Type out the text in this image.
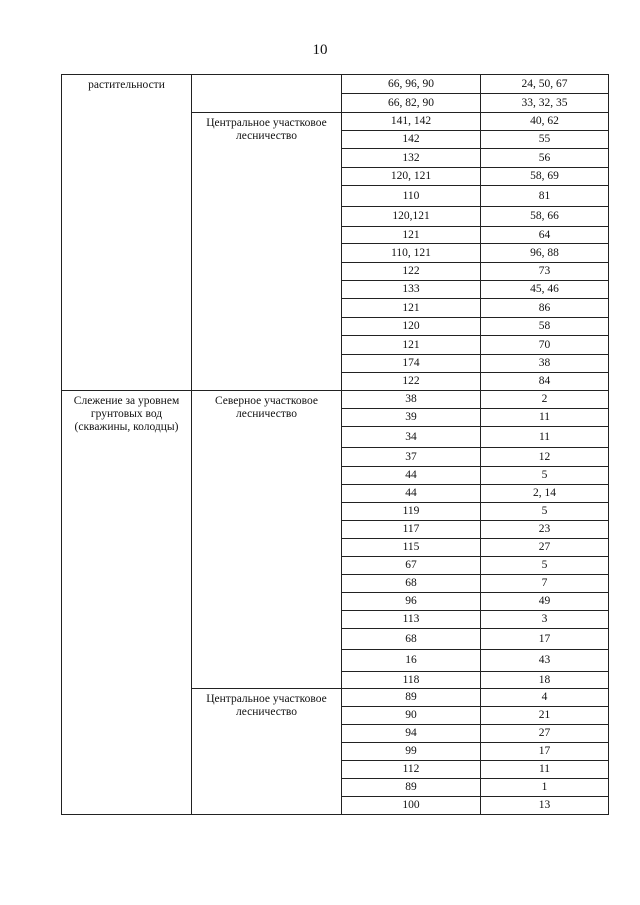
10
растительности		66, 96, 90	24, 50, 67
		66, 82, 90	33, 32, 35

	Центральное участковое
лесничество	141, 142	40, 62
		142	55
		132	56
		120, 121	58, 69
		110	81
		120,121	58, 66
		121	64
		110, 121	96, 88
		122	73
		133	45, 46
		121	86
		120	58
		121	70
		174	38
		122	84

Слежение за уровнем
грунтовых вод
(скважины, колодцы)	Северное участковое
лесничество	38	2
		39	11
		34	11
		37	12
		44	5
		44	2, 14
		119	5
		117	23
		115	27
		67	5
		68	7
		96	49
		113	3
		68	17
		16	43
		118	18

	Центральное участковое
лесничество	89	4
		90	21
		94	27
		99	17
		112	11
		89	1
		100	13
